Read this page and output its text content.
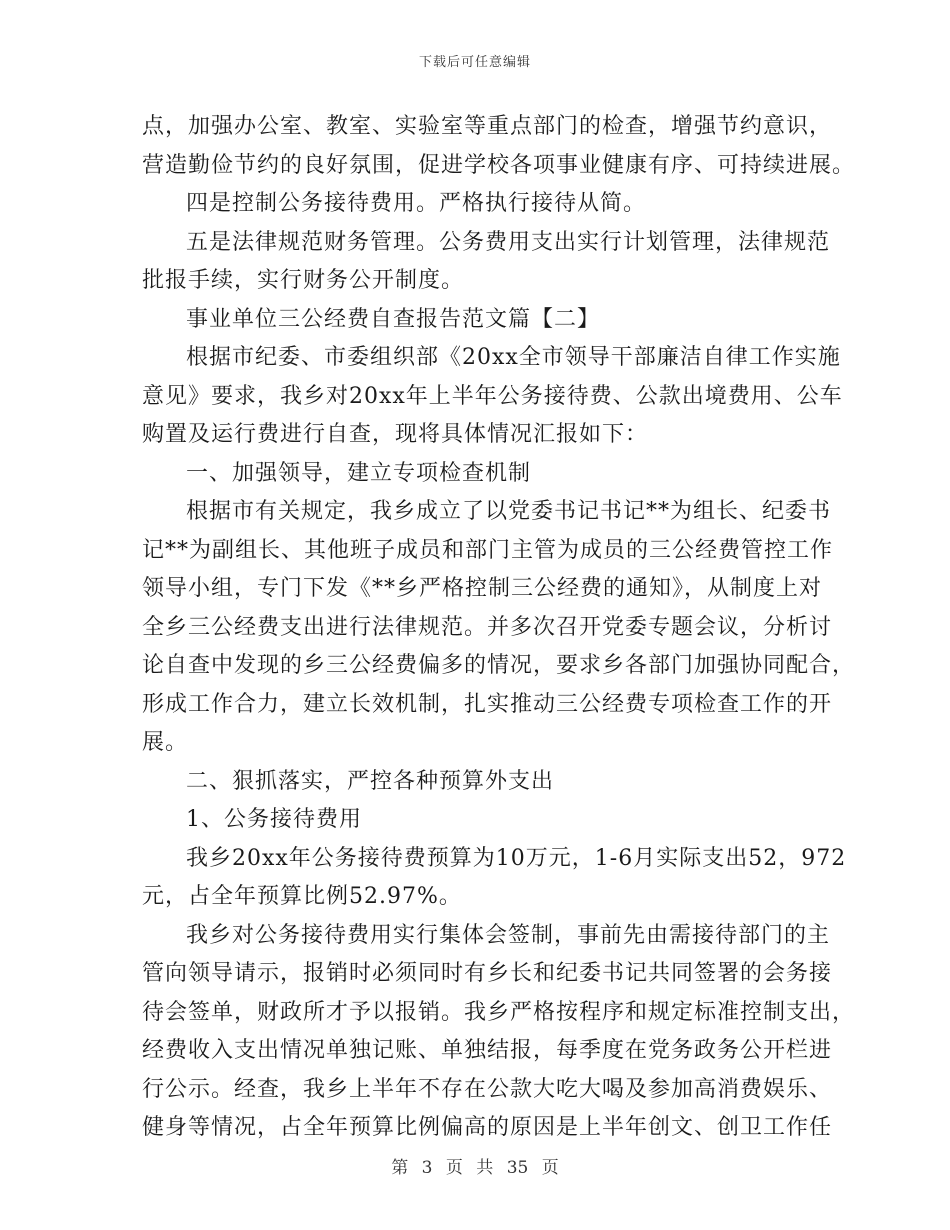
下载后可任意编辑
点，加强办公室、教室、实验室等重点部门的检查，增强节约意识，
营造勤俭节约的良好氛围，促进学校各项事业健康有序、可持续进展。
四是控制公务接待费用。严格执行接待从简。
五是法律规范财务管理。公务费用支出实行计划管理，法律规范
批报手续，实行财务公开制度。
事业单位三公经费自查报告范文篇【二】
根据市纪委、市委组织部《20xx全市领导干部廉洁自律工作实施
意见》要求，我乡对20xx年上半年公务接待费、公款出境费用、公车
购置及运行费进行自查，现将具体情况汇报如下：
一、加强领导，建立专项检查机制
根据市有关规定，我乡成立了以党委书记书记**为组长、纪委书
记**为副组长、其他班子成员和部门主管为成员的三公经费管控工作
领导小组，专门下发《**乡严格控制三公经费的通知》，从制度上对
全乡三公经费支出进行法律规范。并多次召开党委专题会议，分析讨
论自查中发现的乡三公经费偏多的情况，要求乡各部门加强协同配合，
形成工作合力，建立长效机制，扎实推动三公经费专项检查工作的开
展。
二、狠抓落实，严控各种预算外支出
1、公务接待费用
我乡20xx年公务接待费预算为10万元，1-6月实际支出52，972
元，占全年预算比例52.97%。
我乡对公务接待费用实行集体会签制，事前先由需接待部门的主
管向领导请示，报销时必须同时有乡长和纪委书记共同签署的会务接
待会签单，财政所才予以报销。我乡严格按程序和规定标准控制支出，
经费收入支出情况单独记账、单独结报，每季度在党务政务公开栏进
行公示。经查，我乡上半年不存在公款大吃大喝及参加高消费娱乐、
健身等情况，占全年预算比例偏高的原因是上半年创文、创卫工作任
第 3 页 共 35 页
